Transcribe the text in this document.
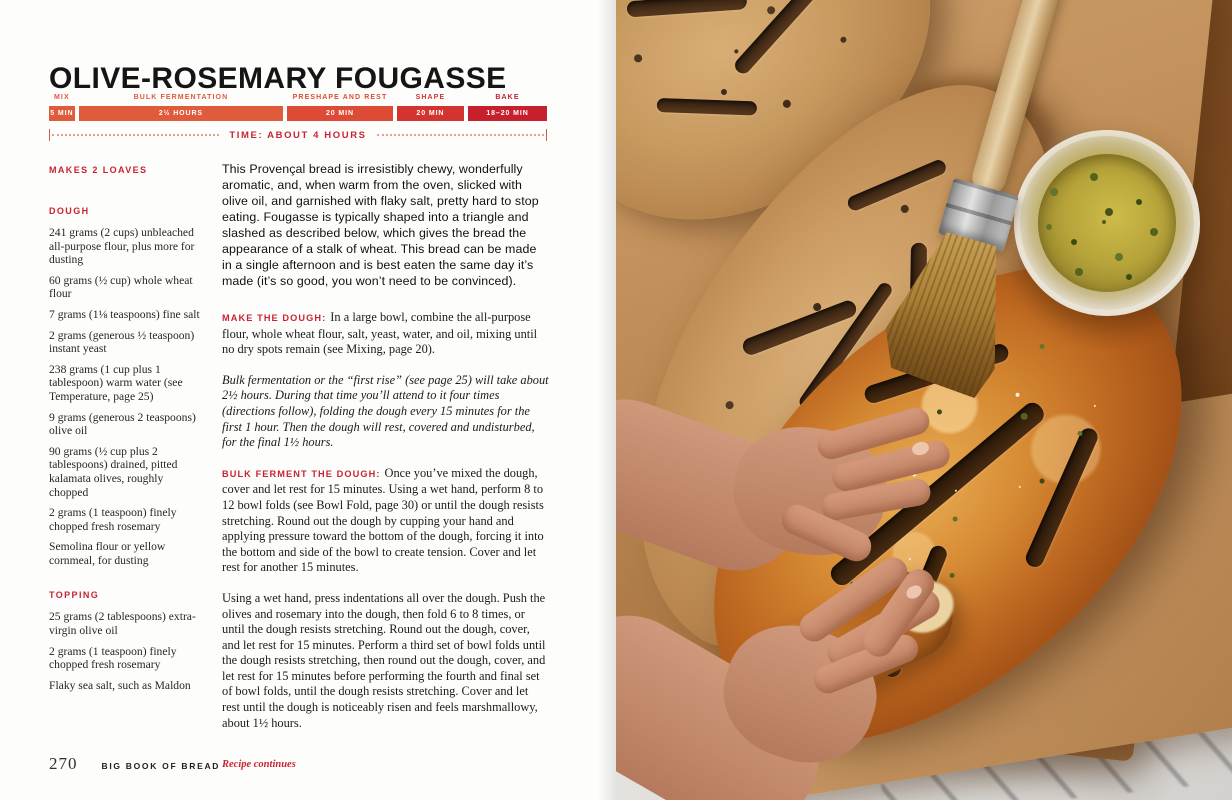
OLIVE-ROSEMARY FOUGASSE
MIX
5 MIN
BULK FERMENTATION
2½ HOURS
PRESHAPE AND REST
20 MIN
SHAPE
20 MIN
BAKE
18–20 MIN
TIME: ABOUT 4 HOURS

MAKES 2 LOAVES

DOUGH

241 grams (2 cups) unbleached all-purpose flour, plus more for dusting

60 grams (½ cup) whole wheat flour

7 grams (1⅛ teaspoons) fine salt

2 grams (generous ½ teaspoon) instant yeast

238 grams (1 cup plus 1 tablespoon) warm water (see Temperature, page 25)

9 grams (generous 2 teaspoons) olive oil

90 grams (½ cup plus 2 tablespoons) drained, pitted kalamata olives, roughly chopped

2 grams (1 teaspoon) finely chopped fresh rosemary

Semolina flour or yellow cornmeal, for dusting

TOPPING

25 grams (2 tablespoons) extra-virgin olive oil

2 grams (1 teaspoon) finely chopped fresh rosemary

Flaky sea salt, such as Maldon

This Provençal bread is irresistibly chewy, wonderfully aromatic, and, when warm from the oven, slicked with olive oil, and garnished with flaky salt, pretty hard to stop eating. Fougasse is typically shaped into a triangle and slashed as described below, which gives the bread the appearance of a stalk of wheat. This bread can be made in a single afternoon and is best eaten the same day it’s made (it’s so good, you won’t need to be convinced).

MAKE THE DOUGH: In a large bowl, combine the all-purpose flour, whole wheat flour, salt, yeast, water, and oil, mixing until no dry spots remain (see Mixing, page 20).

Bulk fermentation or the “first rise” (see page 25) will take about 2½ hours. During that time you’ll attend to it four times (directions follow), folding the dough every 15 minutes for the first 1 hour. Then the dough will rest, covered and undisturbed, for the final 1½ hours.

BULK FERMENT THE DOUGH: Once you’ve mixed the dough, cover and let rest for 15 minutes. Using a wet hand, perform 8 to 12 bowl folds (see Bowl Fold, page 30) or until the dough resists stretching. Round out the dough by cupping your hand and applying pressure toward the bottom of the dough, forcing it into the bottom and side of the bowl to create tension. Cover and let rest for another 15 minutes.

Using a wet hand, press indentations all over the dough. Push the olives and rosemary into the dough, then fold 6 to 8 times, or until the dough resists stretching. Round out the dough, cover, and let rest for 15 minutes. Perform a third set of bowl folds until the dough resists stretching, then round out the dough, cover, and let rest for 15 minutes before performing the fourth and final set of bowl folds, until the dough resists stretching. Cover and let rest until the dough is noticeably risen and feels marshmallowy, about 1½ hours.

Recipe continues

270	BIG BOOK OF BREAD
